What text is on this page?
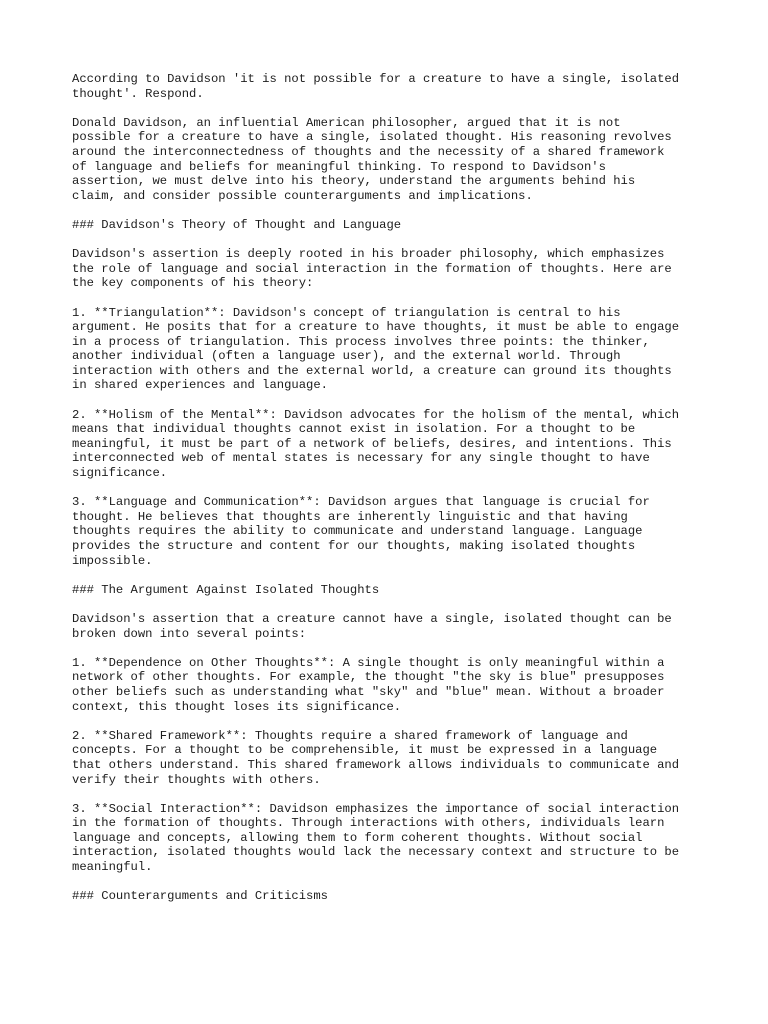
According to Davidson 'it is not possible for a creature to have a single, isolated
thought'. Respond.

Donald Davidson, an influential American philosopher, argued that it is not
possible for a creature to have a single, isolated thought. His reasoning revolves
around the interconnectedness of thoughts and the necessity of a shared framework
of language and beliefs for meaningful thinking. To respond to Davidson's
assertion, we must delve into his theory, understand the arguments behind his
claim, and consider possible counterarguments and implications.

### Davidson's Theory of Thought and Language

Davidson's assertion is deeply rooted in his broader philosophy, which emphasizes
the role of language and social interaction in the formation of thoughts. Here are
the key components of his theory:

1. **Triangulation**: Davidson's concept of triangulation is central to his
argument. He posits that for a creature to have thoughts, it must be able to engage
in a process of triangulation. This process involves three points: the thinker,
another individual (often a language user), and the external world. Through
interaction with others and the external world, a creature can ground its thoughts
in shared experiences and language.

2. **Holism of the Mental**: Davidson advocates for the holism of the mental, which
means that individual thoughts cannot exist in isolation. For a thought to be
meaningful, it must be part of a network of beliefs, desires, and intentions. This
interconnected web of mental states is necessary for any single thought to have
significance.

3. **Language and Communication**: Davidson argues that language is crucial for
thought. He believes that thoughts are inherently linguistic and that having
thoughts requires the ability to communicate and understand language. Language
provides the structure and content for our thoughts, making isolated thoughts
impossible.

### The Argument Against Isolated Thoughts

Davidson's assertion that a creature cannot have a single, isolated thought can be
broken down into several points:

1. **Dependence on Other Thoughts**: A single thought is only meaningful within a
network of other thoughts. For example, the thought "the sky is blue" presupposes
other beliefs such as understanding what "sky" and "blue" mean. Without a broader
context, this thought loses its significance.

2. **Shared Framework**: Thoughts require a shared framework of language and
concepts. For a thought to be comprehensible, it must be expressed in a language
that others understand. This shared framework allows individuals to communicate and
verify their thoughts with others.

3. **Social Interaction**: Davidson emphasizes the importance of social interaction
in the formation of thoughts. Through interactions with others, individuals learn
language and concepts, allowing them to form coherent thoughts. Without social
interaction, isolated thoughts would lack the necessary context and structure to be
meaningful.

### Counterarguments and Criticisms
